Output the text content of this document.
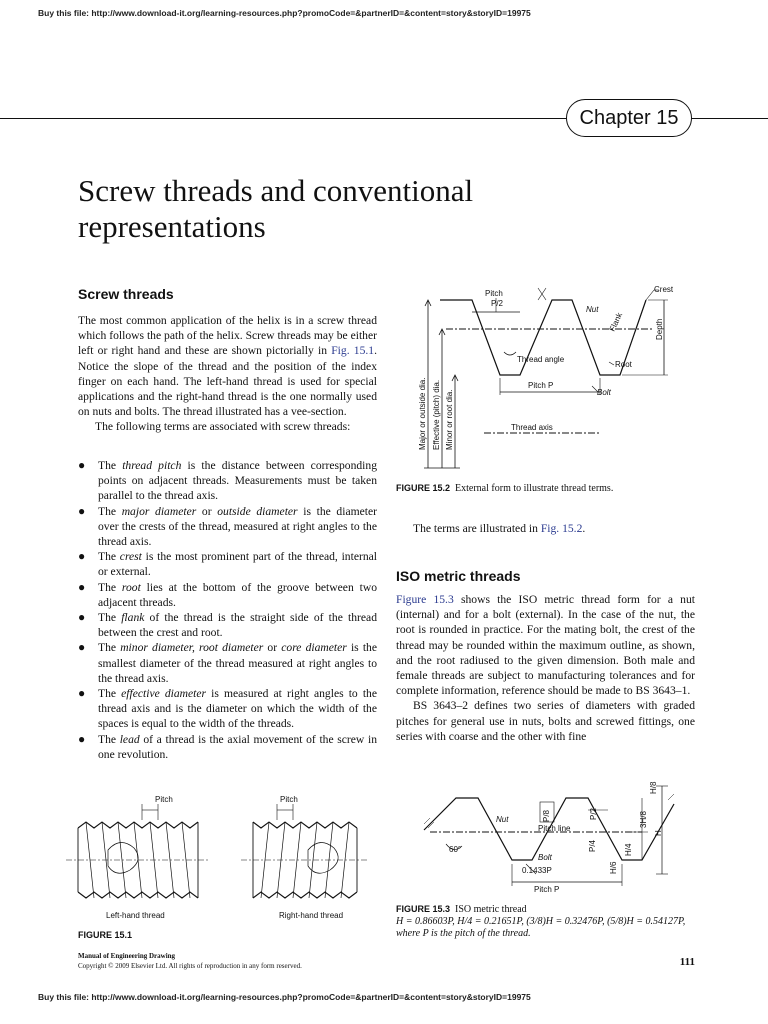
Buy this file: http://www.download-it.org/learning-resources.php?promoCode=&partnerID=&content=story&storyID=19975
Chapter 15
Screw threads and conventional representations
Screw threads

The most common application of the helix is in a screw thread which follows the path of the helix. Screw threads may be either left or right hand and these are shown pictorially in Fig. 15.1. Notice the slope of the thread and the position of the index finger on each hand. The left-hand thread is used for special applications and the right-hand thread is the one normally used on nuts and bolts. The thread illustrated has a vee-section.

The following terms are associated with screw threads:

● The thread pitch is the distance between corresponding points on adjacent threads. Measurements must be taken parallel to the thread axis.
● The major diameter or outside diameter is the diameter over the crests of the thread, measured at right angles to the thread axis.
● The crest is the most prominent part of the thread, internal or external.
● The root lies at the bottom of the groove between two adjacent threads.
● The flank of the thread is the straight side of the thread between the crest and root.
● The minor diameter, root diameter or core diameter is the smallest diameter of the thread measured at right angles to the thread axis.
● The effective diameter is measured at right angles to the thread axis and is the diameter on which the width of the spaces is equal to the width of the threads.
● The lead of a thread is the axial movement of the screw in one revolution.
Pitch
P/2
Crest
Nut
Flank	Depth
Thread angle
Root
Pitch P
Bolt
Thread axis
Major or outside dia. Effective (pitch) dia. Minor or root dia.
FIGURE 15.2 External form to illustrate thread terms.
The terms are illustrated in Fig. 15.2.
ISO metric threads

Figure 15.3 shows the ISO metric thread form for a nut (internal) and for a bolt (external). In the case of the nut, the root is rounded in practice. For the mating bolt, the crest of the thread may be rounded within the maximum outline, as shown, and the root radiused to the given dimension. Both male and female threads are subject to manufacturing tolerances and for complete information, reference should be made to BS 3643–1.

BS 3643–2 defines two series of diameters with graded pitches for general use in nuts, bolts and screwed fittings, one series with coarse and the other with fine

Pitch	Pitch
Left-hand thread	Right-hand thread
FIGURE 15.1
Nut	P/8
Pitch line
P/2
P/4
60°
Bolt
0.1433P
Pitch P
H
H/8
3H/8
H/4
H/6
FIGURE 15.3 ISO metric thread
H = 0.86603P, H/4 = 0.21651P, (3/8)H = 0.32476P, (5/8)H = 0.54127P, where P is the pitch of the thread.
Manual of Engineering Drawing
Copyright © 2009 Elsevier Ltd. All rights of reproduction in any form reserved.	111
Buy this file: http://www.download-it.org/learning-resources.php?promoCode=&partnerID=&content=story&storyID=19975
